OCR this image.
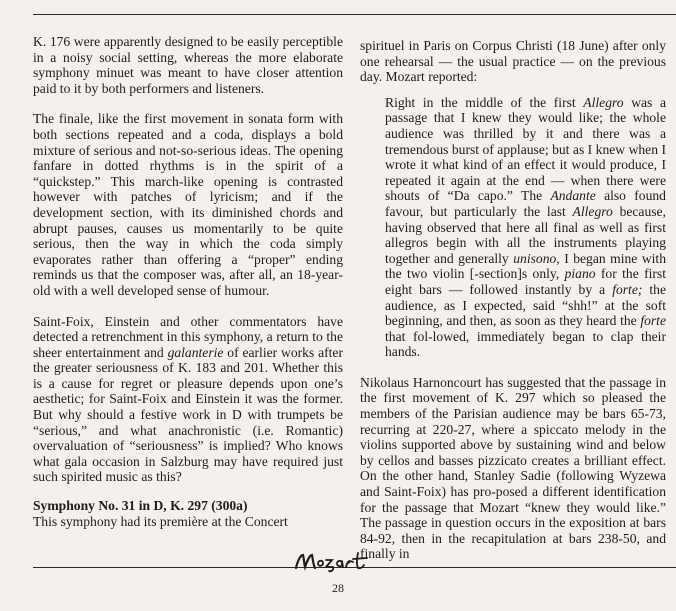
K. 176 were apparently designed to be easily perceptible in a noisy social setting, whereas the more elaborate symphony minuet was meant to have closer attention paid to it by both performers and listeners.

The finale, like the first movement in sonata form with both sections repeated and a coda, displays a bold mixture of serious and not-so-serious ideas. The opening fanfare in dotted rhythms is in the spirit of a “quickstep.” This march-like opening is contrasted however with patches of lyricism; and if the development section, with its diminished chords and abrupt pauses, causes us momentarily to be quite serious, then the way in which the coda simply evaporates rather than offering a “proper” ending reminds us that the composer was, after all, an 18-year-old with a well developed sense of humour.

Saint-Foix, Einstein and other commentators have detected a retrenchment in this symphony, a return to the sheer entertainment and galanterie of earlier works after the greater seriousness of K. 183 and 201. Whether this is a cause for regret or pleasure depends upon one’s aesthetic; for Saint-Foix and Einstein it was the former. But why should a festive work in D with trumpets be “serious,” and what anachronistic (i.e. Romantic) overvaluation of “seriousness” is implied? Who knows what gala occasion in Salzburg may have required just such spirited music as this?

Symphony No. 31 in D, K. 297 (300a)

This symphony had its première at the Concert

spirituel in Paris on Corpus Christi (18 June) after only one rehearsal — the usual practice — on the previous day. Mozart reported:

Right in the middle of the first Allegro was a passage that I knew they would like; the whole audience was thrilled by it and there was a tremendous burst of applause; but as I knew when I wrote it what kind of an effect it would produce, I repeated it again at the end — when there were shouts of “Da capo.” The Andante also found favour, but particularly the last Allegro because, having observed that here all final as well as first allegros begin with all the instruments playing together and generally unisono, I began mine with the two violin [-section]s only, piano for the first eight bars — followed instantly by a forte; the audience, as I expected, said “shh!” at the soft beginning, and then, as soon as they heard the forte that fol-lowed, immediately began to clap their hands.

Nikolaus Harnoncourt has suggested that the passage in the first movement of K. 297 which so pleased the members of the Parisian audience may be bars 65-73, recurring at 220-27, where a spiccato melody in the violins supported above by sustaining wind and below by cellos and basses pizzicato creates a brilliant effect. On the other hand, Stanley Sadie (following Wyzewa and Saint-Foix) has pro-posed a different identification for the passage that Mozart “knew they would like.” The passage in question occurs in the exposition at bars 84-92, then in the recapitulation at bars 238-50, and finally in

28
